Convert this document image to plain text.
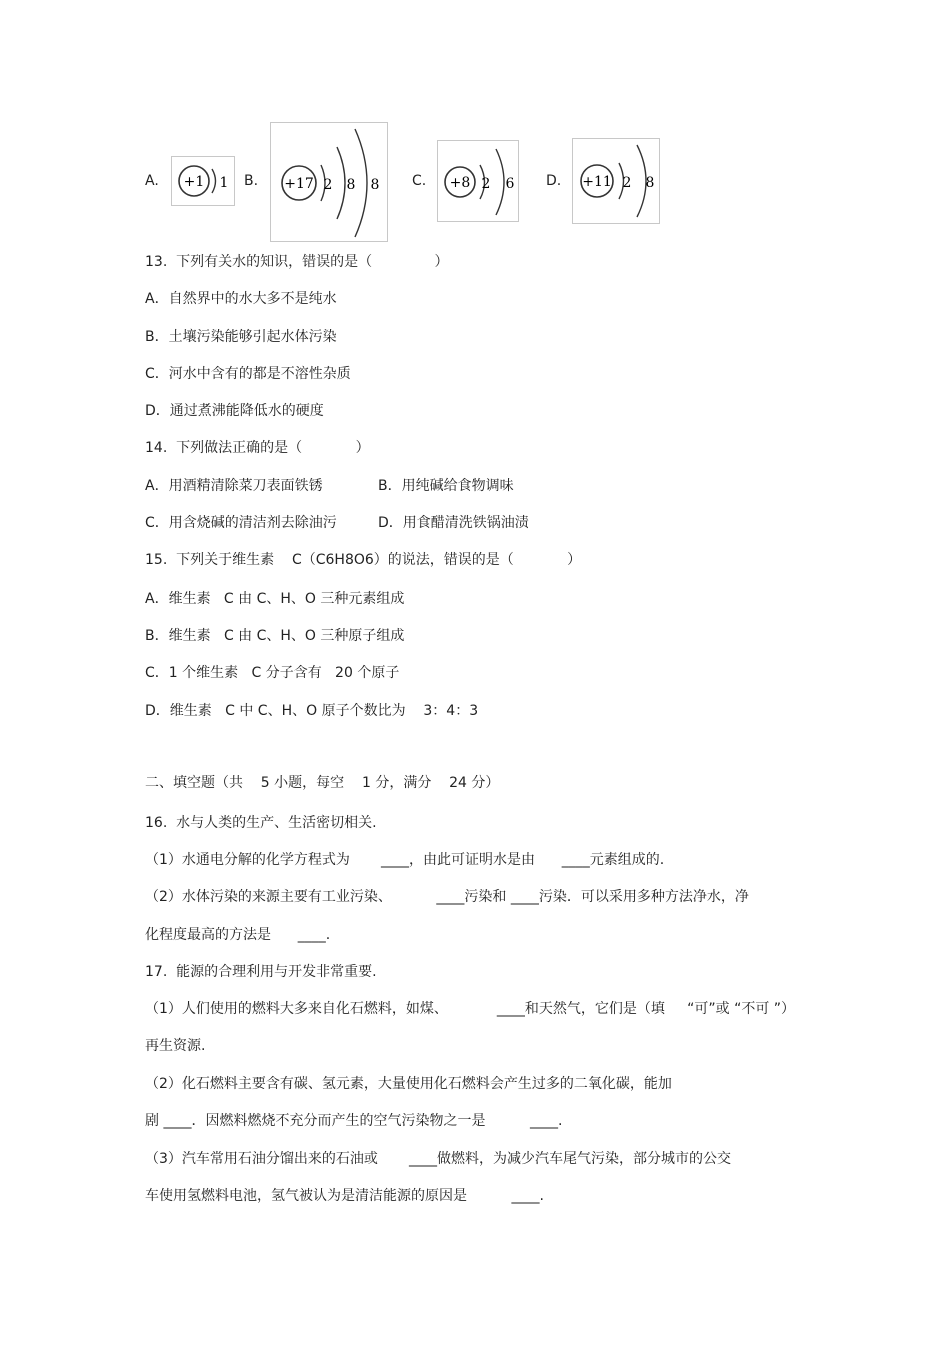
A. +1 1 B. +17 2 8 8 C. +8 2 6 D. +11 2 8
13.  下列有关水的知识，错误的是（              ）
A．自然界中的水大多不是纯水
B．土壤污染能够引起水体污染
C．河水中含有的都是不溶性杂质
D．通过煮沸能降低水的硬度
14.  下列做法正确的是（            ）
A．用酒精清除菜刀表面铁锈	B．用纯碱给食物调味
C．用含烧碱的清洁剂去除油污	D．用食醋清洗铁锅油渍
15.  下列关于维生素    C（C6H8O6）的说法，错误的是（            ）
A．维生素   C 由 C、H、O 三种元素组成
B．维生素   C 由 C、H、O 三种原子组成
C．1 个维生素   C 分子含有   20 个原子
D．维生素   C 中 C、H、O 原子个数比为    3：4：3
二、填空题（共    5 小题，每空    1 分，满分    24 分）
16.  水与人类的生产、生活密切相关.
（1）水通电分解的化学方程式为       ____，由此可证明水是由      ____元素组成的.
（2）水体污染的来源主要有工业污染、          ____污染和 ____污染．可以采用多种方法净水，净
化程度最高的方法是      ____.
17.  能源的合理利用与开发非常重要.
（1）人们使用的燃料大多来自化石燃料，如煤、           ____和天然气，它们是（填     “可”或 “不可 ”）
再生资源.
（2）化石燃料主要含有碳、氢元素，大量使用化石燃料会产生过多的二氧化碳，能加
剧 ____．因燃料燃烧不充分而产生的空气污染物之一是          ____.
（3）汽车常用石油分馏出来的石油或       ____做燃料，为减少汽车尾气污染，部分城市的公交
车使用氢燃料电池，氢气被认为是清洁能源的原因是          ____.
